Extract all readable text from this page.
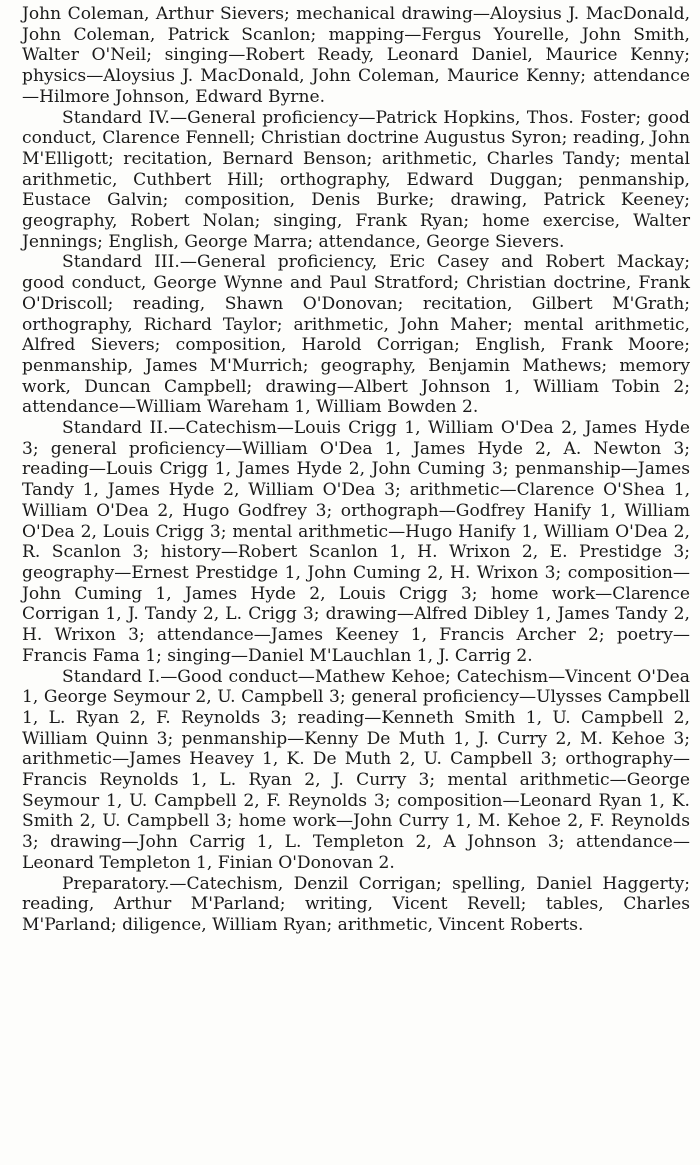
John Coleman, Arthur Sievers; mechanical drawing—Aloysius J. MacDonald, John Coleman, Patrick Scanlon; mapping—Fergus Yourelle, John Smith, Walter O'Neil; singing—Robert Ready, Leonard Daniel, Maurice Kenny; physics—Aloysius J. MacDonald, John Coleman, Maurice Kenny; attendance—Hilmore Johnson, Edward Byrne.

Standard IV.—General proficiency—Patrick Hopkins, Thos. Foster; good conduct, Clarence Fennell; Christian doctrine Augustus Syron; reading, John M'Elligott; recitation, Bernard Benson; arithmetic, Charles Tandy; mental arithmetic, Cuthbert Hill; orthography, Edward Duggan; penmanship, Eustace Galvin; composition, Denis Burke; drawing, Patrick Keeney; geography, Robert Nolan; singing, Frank Ryan; home exercise, Walter Jennings; English, George Marra; attendance, George Sievers.

Standard III.—General proficiency, Eric Casey and Robert Mackay; good conduct, George Wynne and Paul Stratford; Christian doctrine, Frank O'Driscoll; reading, Shawn O'Donovan; recitation, Gilbert M'Grath; orthography, Richard Taylor; arithmetic, John Maher; mental arithmetic, Alfred Sievers; composition, Harold Corrigan; English, Frank Moore; penmanship, James M'Murrich; geography, Benjamin Mathews; memory work, Duncan Campbell; drawing—Albert Johnson 1, William Tobin 2; attendance—William Wareham 1, William Bowden 2.

Standard II.—Catechism—Louis Crigg 1, William O'Dea 2, James Hyde 3; general proficiency—William O'Dea 1, James Hyde 2, A. Newton 3; reading—Louis Crigg 1, James Hyde 2, John Cuming 3; penmanship—James Tandy 1, James Hyde 2, William O'Dea 3; arithmetic—Clarence O'Shea 1, William O'Dea 2, Hugo Godfrey 3; orthograph—Godfrey Hanify 1, William O'Dea 2, Louis Crigg 3; mental arithmetic—Hugo Hanify 1, William O'Dea 2, R. Scanlon 3; history—Robert Scanlon 1, H. Wrixon 2, E. Prestidge 3; geography—Ernest Prestidge 1, John Cuming 2, H. Wrixon 3; composition—John Cuming 1, James Hyde 2, Louis Crigg 3; home work—Clarence Corrigan 1, J. Tandy 2, L. Crigg 3; drawing—Alfred Dibley 1, James Tandy 2, H. Wrixon 3; attendance—James Keeney 1, Francis Archer 2; poetry—Francis Fama 1; singing—Daniel M'Lauchlan 1, J. Carrig 2.

Standard I.—Good conduct—Mathew Kehoe; Catechism—Vincent O'Dea 1, George Seymour 2, U. Campbell 3; general proficiency—Ulysses Campbell 1, L. Ryan 2, F. Reynolds 3; reading—Kenneth Smith 1, U. Campbell 2, William Quinn 3; penmanship—Kenny De Muth 1, J. Curry 2, M. Kehoe 3; arithmetic—James Heavey 1, K. De Muth 2, U. Campbell 3; orthography—Francis Reynolds 1, L. Ryan 2, J. Curry 3; mental arithmetic—George Seymour 1, U. Campbell 2, F. Reynolds 3; composition—Leonard Ryan 1, K. Smith 2, U. Campbell 3; home work—John Curry 1, M. Kehoe 2, F. Reynolds 3; drawing—John Carrig 1, L. Templeton 2, A Johnson 3; attendance—Leonard Templeton 1, Finian O'Donovan 2.

Preparatory.—Catechism, Denzil Corrigan; spelling, Daniel Haggerty; reading, Arthur M'Parland; writing, Vicent Revell; tables, Charles M'Parland; diligence, William Ryan; arithmetic, Vincent Roberts.
